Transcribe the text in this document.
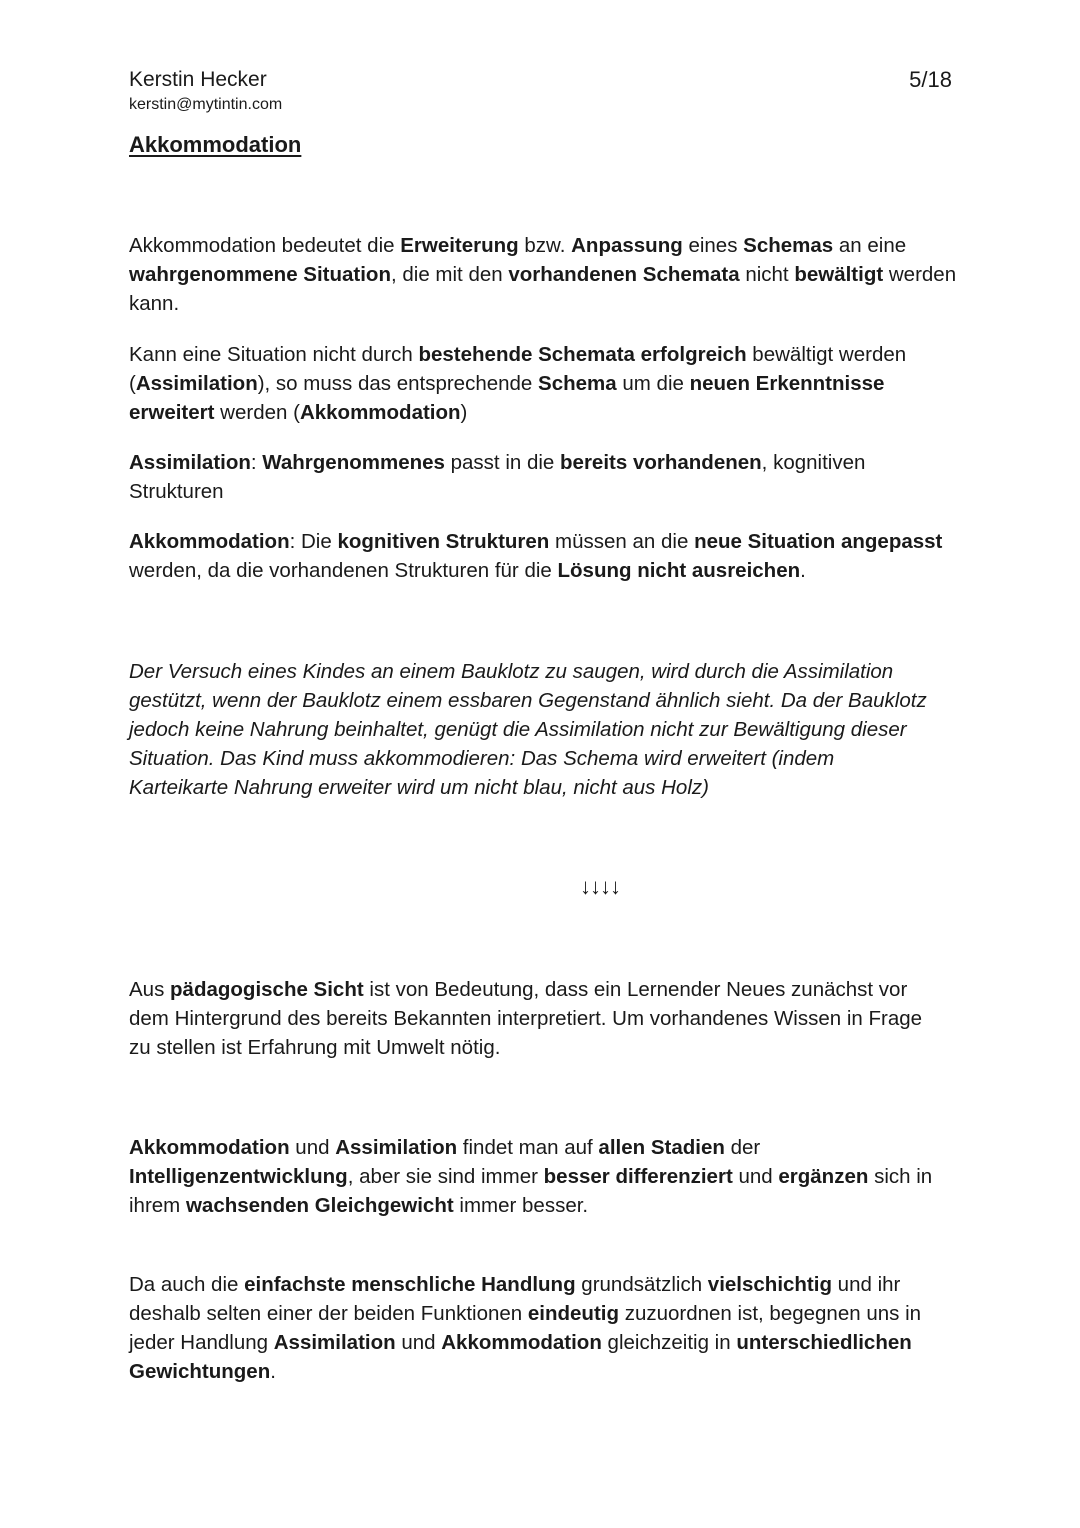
Kerstin Hecker
kerstin@mytintin.com
5/18
Akkommodation

Akkommodation bedeutet die Erweiterung bzw. Anpassung eines Schemas an eine wahrgenommene Situation, die mit den vorhandenen Schemata nicht bewältigt werden kann.

Kann eine Situation nicht durch bestehende Schemata erfolgreich bewältigt werden (Assimilation), so muss das entsprechende Schema um die neuen Erkenntnisse erweitert werden (Akkommodation)

Assimilation: Wahrgenommenes passt in die bereits vorhandenen, kognitiven Strukturen

Akkommodation: Die kognitiven Strukturen müssen an die neue Situation angepasst werden, da die vorhandenen Strukturen für die Lösung nicht ausreichen.

Der Versuch eines Kindes an einem Bauklotz zu saugen, wird durch die Assimilation gestützt, wenn der Bauklotz einem essbaren Gegenstand ähnlich sieht. Da der Bauklotz jedoch keine Nahrung beinhaltet, genügt die Assimilation nicht zur Bewältigung dieser Situation. Das Kind muss akkommodieren: Das Schema wird erweitert (indem Karteikarte Nahrung erweiter wird um nicht blau, nicht aus Holz)

↓↓↓↓

Aus pädagogische Sicht ist von Bedeutung, dass ein Lernender Neues zunächst vor dem Hintergrund des bereits Bekannten interpretiert. Um vorhandenes Wissen in Frage zu stellen ist Erfahrung mit Umwelt nötig.

Akkommodation und Assimilation findet man auf allen Stadien der Intelligenzentwicklung, aber sie sind immer besser differenziert und ergänzen sich in ihrem wachsenden Gleichgewicht immer besser.

Da auch die einfachste menschliche Handlung grundsätzlich vielschichtig und ihr deshalb selten einer der beiden Funktionen eindeutig zuzuordnen ist, begegnen uns in jeder Handlung Assimilation und Akkommodation gleichzeitig in unterschiedlichen Gewichtungen.
